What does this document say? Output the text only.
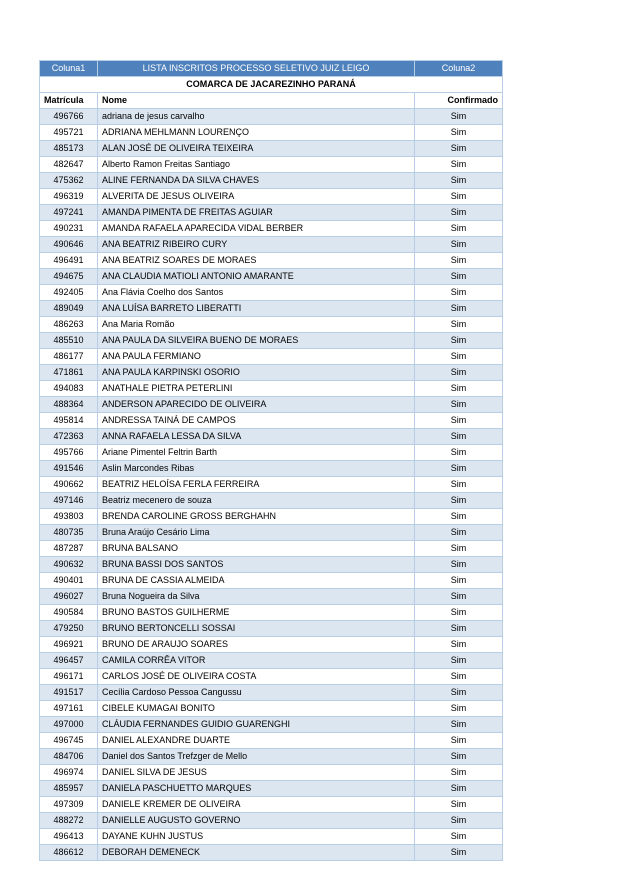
Coluna1	LISTA INSCRITOS PROCESSO SELETIVO JUIZ LEIGO	Coluna2
COMARCA DE JACAREZINHO PARANÁ		
Matrícula	Nome	Confirmado
496766	adriana de jesus carvalho	Sim
495721	ADRIANA MEHLMANN LOURENÇO	Sim
485173	ALAN JOSÉ DE OLIVEIRA TEIXEIRA	Sim
482647	Alberto Ramon Freitas Santiago	Sim
475362	ALINE FERNANDA DA SILVA CHAVES	Sim
496319	ALVERITA DE JESUS OLIVEIRA	Sim
497241	AMANDA PIMENTA DE FREITAS AGUIAR	Sim
490231	AMANDA RAFAELA APARECIDA VIDAL BERBER	Sim
490646	ANA BEATRIZ RIBEIRO CURY	Sim
496491	ANA BEATRIZ SOARES DE MORAES	Sim
494675	ANA CLAUDIA MATIOLI ANTONIO AMARANTE	Sim
492405	Ana Flávia Coelho dos Santos	Sim
489049	ANA LUÍSA BARRETO LIBERATTI	Sim
486263	Ana Maria Romão	Sim
485510	ANA PAULA DA SILVEIRA BUENO DE MORAES	Sim
486177	ANA PAULA FERMIANO	Sim
471861	ANA PAULA KARPINSKI OSORIO	Sim
494083	ANATHALE PIETRA PETERLINI	Sim
488364	ANDERSON APARECIDO DE OLIVEIRA	Sim
495814	ANDRESSA TAINÁ DE CAMPOS	Sim
472363	ANNA RAFAELA LESSA DA SILVA	Sim
495766	Ariane Pimentel Feltrin Barth	Sim
491546	Aslin Marcondes Ribas	Sim
490662	BEATRIZ HELOÍSA FERLA FERREIRA	Sim
497146	Beatriz mecenero de souza	Sim
493803	BRENDA CAROLINE GROSS BERGHAHN	Sim
480735	Bruna Araújo Cesário Lima	Sim
487287	BRUNA BALSANO	Sim
490632	BRUNA BASSI DOS SANTOS	Sim
490401	BRUNA DE CASSIA ALMEIDA	Sim
496027	Bruna Nogueira da Silva	Sim
490584	BRUNO BASTOS GUILHERME	Sim
479250	BRUNO BERTONCELLI SOSSAI	Sim
496921	BRUNO DE ARAUJO SOARES	Sim
496457	CAMILA CORRÊA VITOR	Sim
496171	CARLOS JOSÉ DE OLIVEIRA COSTA	Sim
491517	Cecília Cardoso Pessoa Cangussu	Sim
497161	CIBELE KUMAGAI BONITO	Sim
497000	CLÁUDIA FERNANDES GUIDIO GUARENGHI	Sim
496745	DANIEL ALEXANDRE DUARTE	Sim
484706	Daniel dos Santos Trefzger de Mello	Sim
496974	DANIEL SILVA DE JESUS	Sim
485957	DANIELA PASCHUETTO MARQUES	Sim
497309	DANIELE KREMER DE OLIVEIRA	Sim
488272	DANIELLE AUGUSTO GOVERNO	Sim
496413	DAYANE KUHN JUSTUS	Sim
486612	DEBORAH DEMENECK	Sim
